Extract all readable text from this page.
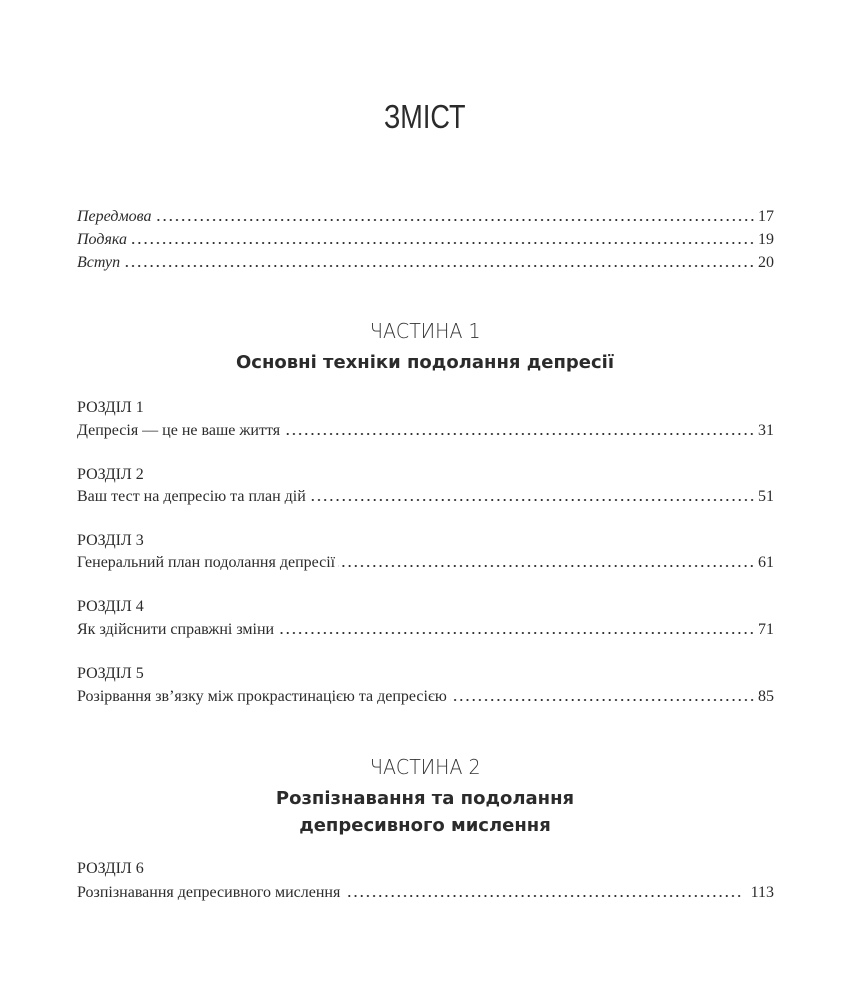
ЗМІСТ
Передмова	17
Подяка	19
Вступ	20
ЧАСТИНА 1
Основні техніки подолання депресії
РОЗДІЛ 1
Депресія — це не ваше життя	31
РОЗДІЛ 2
Ваш тест на депресію та план дій	51
РОЗДІЛ 3
Генеральний план подолання депресії	61
РОЗДІЛ 4
Як здійснити справжні зміни	71
РОЗДІЛ 5
Розірвання зв’язку між прокрастинацією та депресією	85
ЧАСТИНА 2
Розпізнавання та подолання
депресивного мислення
РОЗДІЛ 6
Розпізнавання депресивного мислення	113
